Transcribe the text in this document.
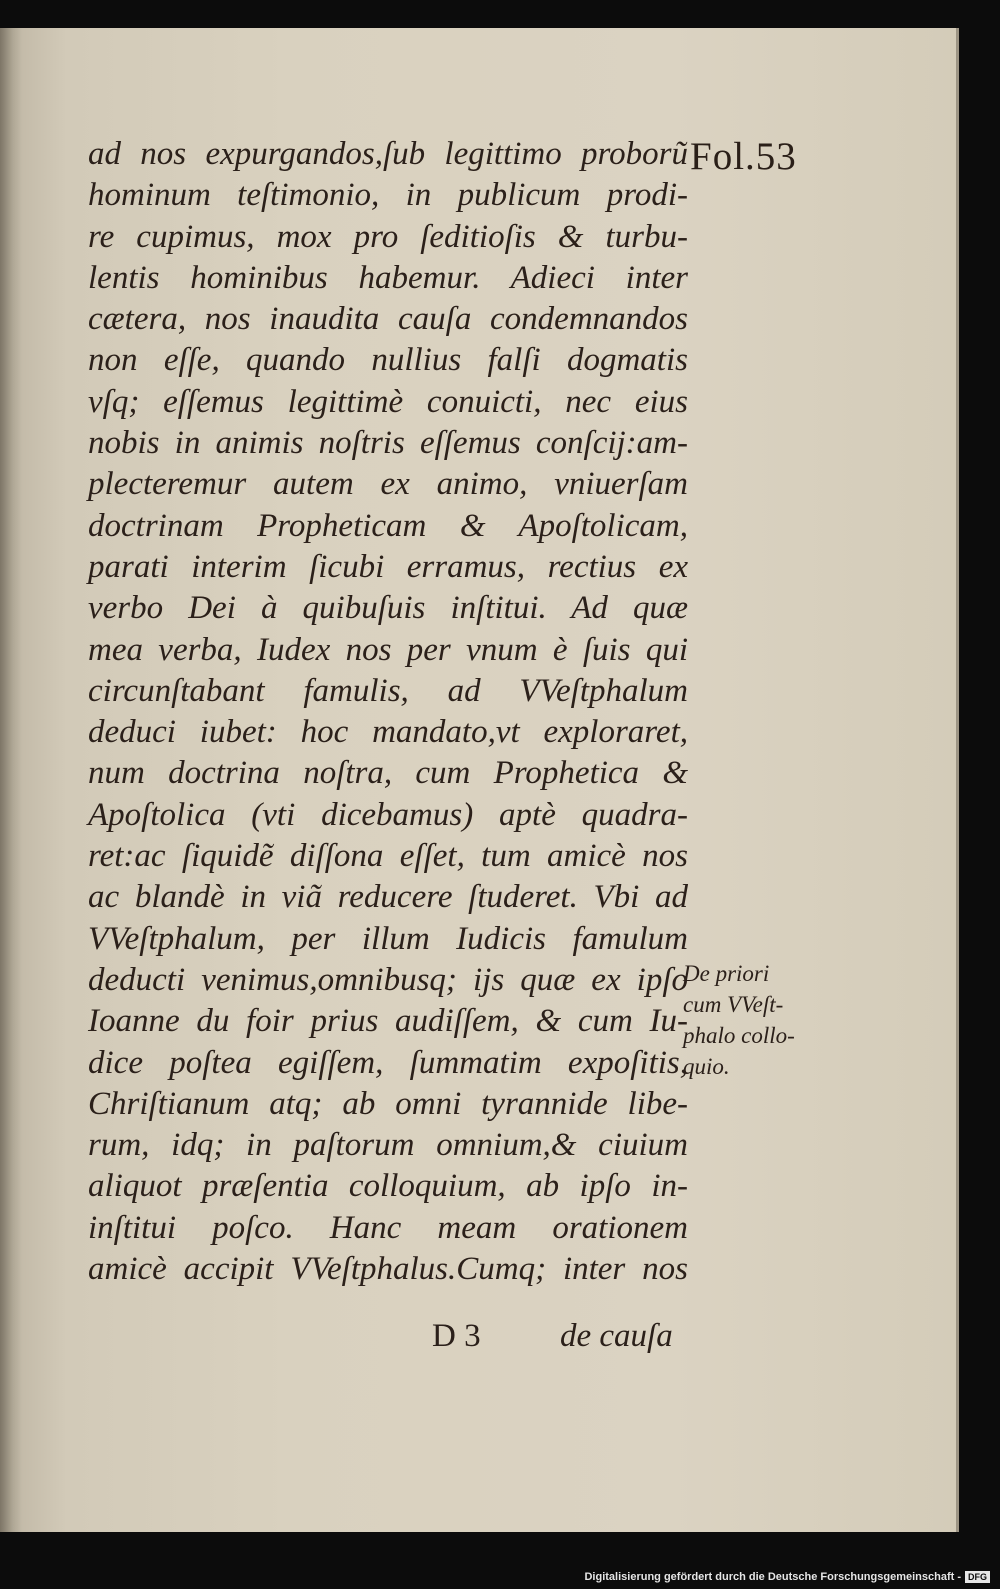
Fol.53
ad nos expurgandos,ſub legittimo proborũ
hominum teſtimonio, in publicum prodi-
re cupimus, mox pro ſeditioſis & turbu-
lentis hominibus habemur. Adieci inter
cætera, nos inaudita cauſa condemnandos
non eſſe, quando nullius falſi dogmatis
vſq; eſſemus legittimè conuicti, nec eius
nobis in animis noſtris eſſemus conſcij:am-
plecteremur autem ex animo, vniuerſam
doctrinam Propheticam & Apoſtolicam,
parati interim ſicubi erramus, rectius ex
verbo Dei à quibuſuis inſtitui. Ad quæ
mea verba, Iudex nos per vnum è ſuis qui
circunſtabant famulis, ad VVeſtphalum
deduci iubet: hoc mandato,vt exploraret,
num doctrina noſtra, cum Prophetica &
Apoſtolica (vti dicebamus) aptè quadra-
ret:ac ſiquidẽ diſſona eſſet, tum amicè nos
ac blandè in viã reducere ſtuderet. Vbi ad
VVeſtphalum, per illum Iudicis famulum
deducti venimus,omnibusq; iјs quæ ex ipſo
Ioanne du foir prius audiſſem, & cum Iu-
dice poſtea egiſſem, ſummatim expoſitis,
Chriſtianum atq; ab omni tyrannide libe-
rum, idq; in paſtorum omnium,& ciuium
aliquot præſentia colloquium, ab ipſo in-
inſtitui poſco. Hanc meam orationem
amicè accipit VVeſtphalus.Cumq; inter nos
De priori
cum VVeſt-
phalo collo-
quio.
D 3 de cauſa
Digitalisierung gefördert durch die Deutsche Forschungsgemeinschaft - DFG
